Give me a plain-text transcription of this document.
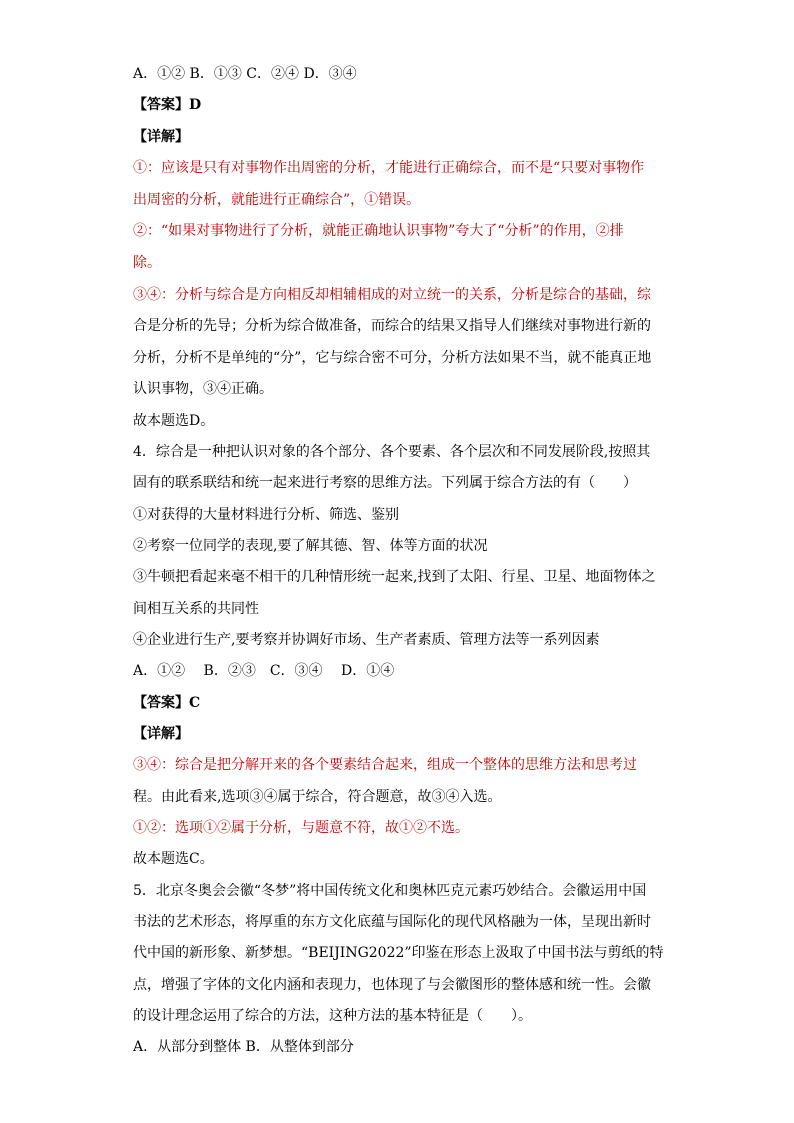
A．①② B．①③ C．②④ D．③④
【答案】D
【详解】
①：应该是只有对事物作出周密的分析，才能进行正确综合，而不是“只要对事物作
出周密的分析，就能进行正确综合”，①错误。
②：“如果对事物进行了分析，就能正确地认识事物”夸大了“分析”的作用，②排
除。
③④：分析与综合是方向相反却相辅相成的对立统一的关系，分析是综合的基础，综
合是分析的先导；分析为综合做准备，而综合的结果又指导人们继续对事物进行新的
分析，分析不是单纯的“分”，它与综合密不可分，分析方法如果不当，就不能真正地
认识事物，③④正确。
故本题选D。
4．综合是一种把认识对象的各个部分、各个要素、各个层次和不同发展阶段,按照其
固有的联系联结和统一起来进行考察的思维方法。下列属于综合方法的有（　　）
①对获得的大量材料进行分析、筛选、鉴别
②考察一位同学的表现,要了解其德、智、体等方面的状况
③牛顿把看起来毫不相干的几种情形统一起来,找到了太阳、行星、卫星、地面物体之
间相互关系的共同性
④企业进行生产,要考察并协调好市场、生产者素质、管理方法等一系列因素
A．①②　 B．②③　C．③④　 D．①④
【答案】C
【详解】
③④：综合是把分解开来的各个要素结合起来，组成一个整体的思维方法和思考过
程。由此看来,选项③④属于综合，符合题意，故③④入选。
①②：选项①②属于分析，与题意不符，故①②不选。
故本题选C。
5．北京冬奥会会徽“冬梦”将中国传统文化和奥林匹克元素巧妙结合。会徽运用中国
书法的艺术形态，将厚重的东方文化底蕴与国际化的现代风格融为一体，呈现出新时
代中国的新形象、新梦想。“BEIJING2022”印鉴在形态上汲取了中国书法与剪纸的特
点，增强了字体的文化内涵和表现力，也体现了与会徽图形的整体感和统一性。会徽
的设计理念运用了综合的方法，这种方法的基本特征是（　　）。
A．从部分到整体 B．从整体到部分
